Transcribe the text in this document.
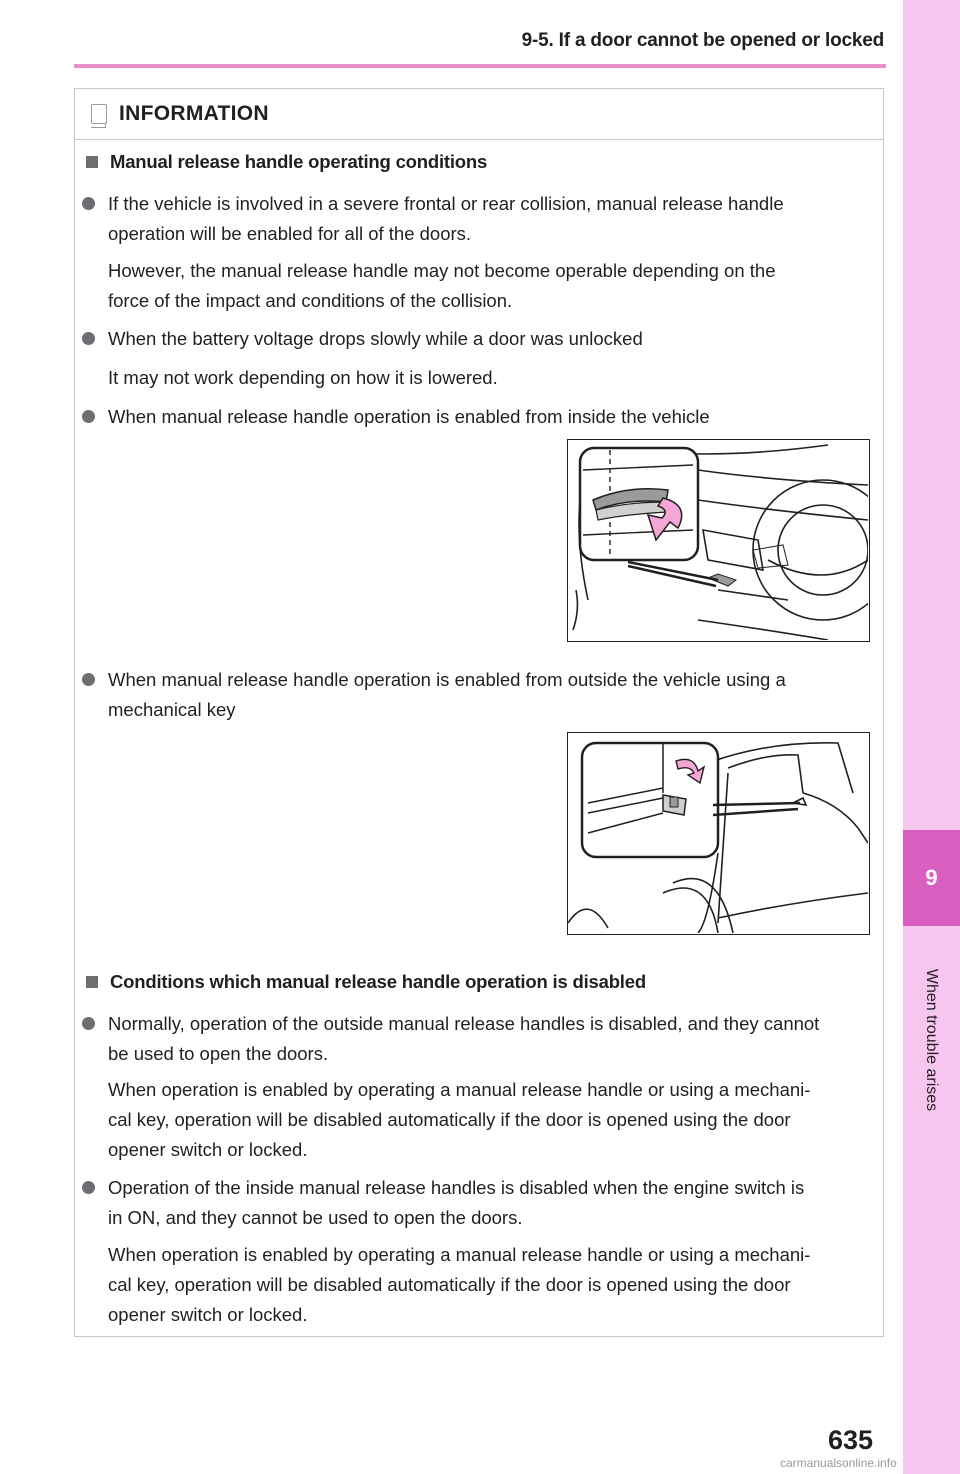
9-5. If a door cannot be opened or locked
9
When trouble arises
INFORMATION
Manual release handle operating conditions
If the vehicle is involved in a severe frontal or rear collision, manual release handle
operation will be enabled for all of the doors.
However, the manual release handle may not become operable depending on the
force of the impact and conditions of the collision.
When the battery voltage drops slowly while a door was unlocked
It may not work depending on how it is lowered.
When manual release handle operation is enabled from inside the vehicle
When manual release handle operation is enabled from outside the vehicle using a
mechanical key
Conditions which manual release handle operation is disabled
Normally, operation of the outside manual release handles is disabled, and they cannot
be used to open the doors.
When operation is enabled by operating a manual release handle or using a mechani-
cal key, operation will be disabled automatically if the door is opened using the door
opener switch or locked.
Operation of the inside manual release handles is disabled when the engine switch is
in ON, and they cannot be used to open the doors.
When operation is enabled by operating a manual release handle or using a mechani-
cal key, operation will be disabled automatically if the door is opened using the door
opener switch or locked.
635
carmanualsonline.info
